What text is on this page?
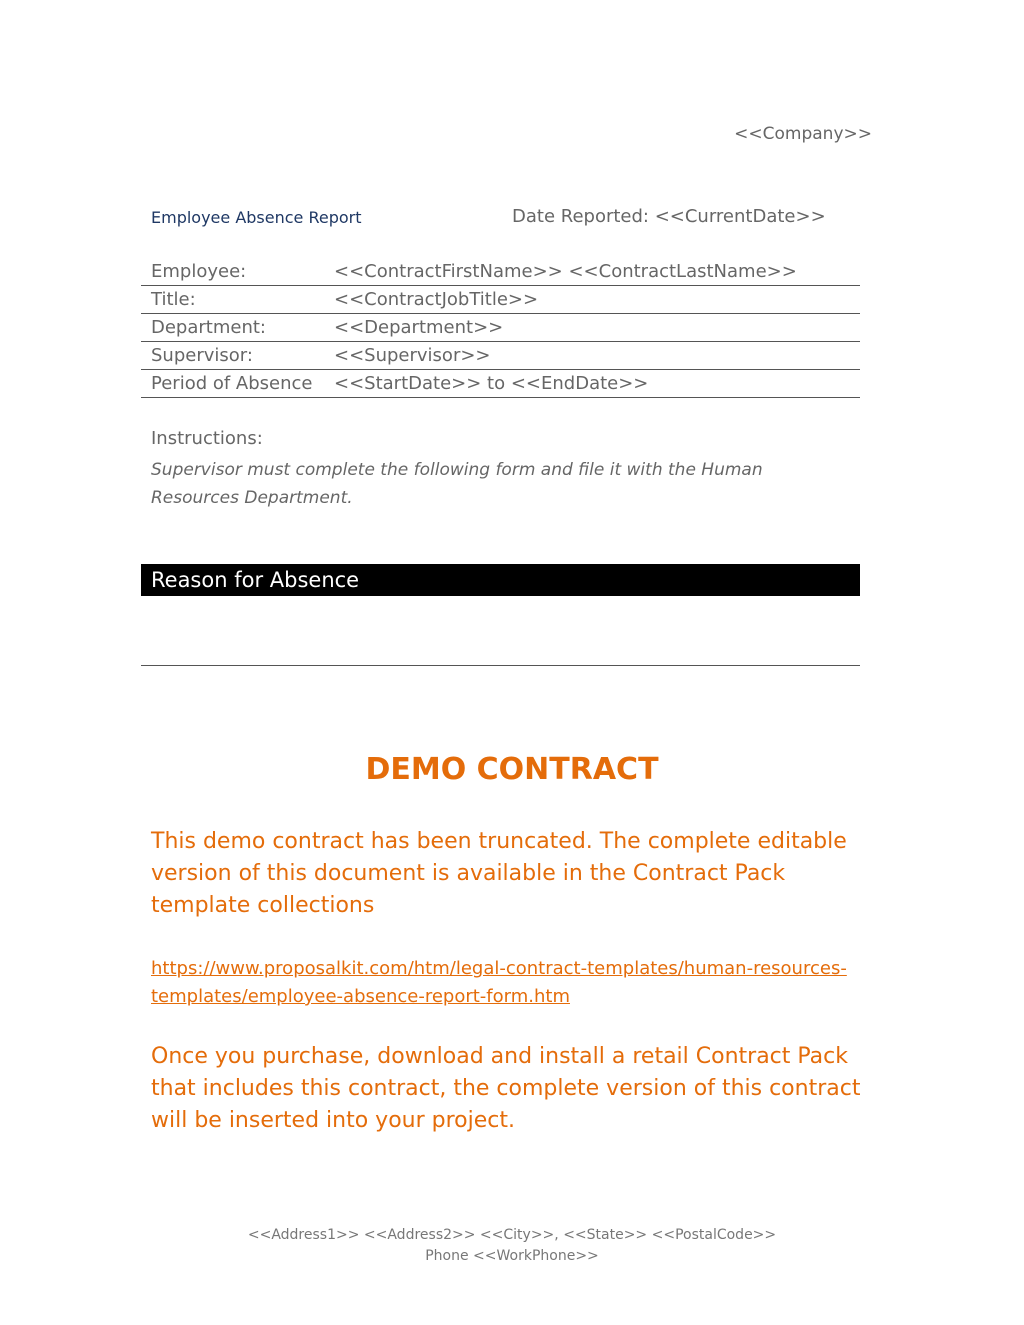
<<Company>>
Employee Absence Report	Date Reported: <<CurrentDate>>
Employee:	<<ContractFirstName>> <<ContractLastName>>
Title:	<<ContractJobTitle>>
Department:	<<Department>>
Supervisor:	<<Supervisor>>
Period of Absence	<<StartDate>> to <<EndDate>>
Instructions:
Supervisor must complete the following form and file it with the Human Resources Department.
Reason for Absence
DEMO CONTRACT
This demo contract has been truncated. The complete editable version of this document is available in the Contract Pack template collections
https://www.proposalkit.com/htm/legal-contract-templates/human-resources-templates/employee-absence-report-form.htm
Once you purchase, download and install a retail Contract Pack that includes this contract, the complete version of this contract will be inserted into your project.
<<Address1>> <<Address2>> <<City>>, <<State>> <<PostalCode>>
Phone <<WorkPhone>>
